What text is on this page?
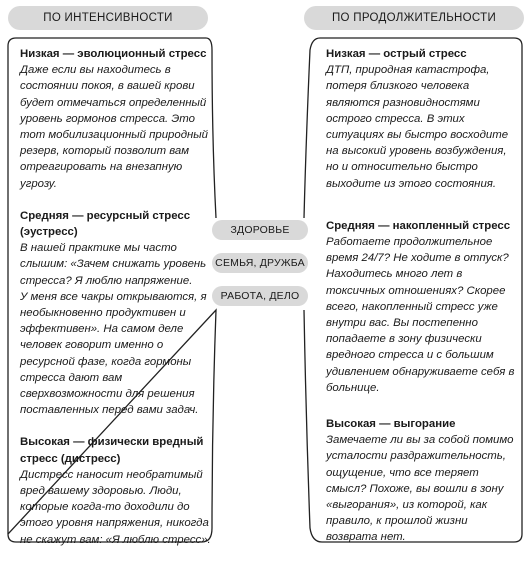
ПО ИНТЕНСИВНОСТИ	ПО ПРОДОЛЖИТЕЛЬНОСТИ
ЗДОРОВЬЕ
СЕМЬЯ, ДРУЖБА
РАБОТА, ДЕЛО
Низкая — эволюционный стресс

Даже если вы находитесь в состоянии покоя, в вашей крови будет отмечаться определенный уровень гормонов стресса. Это тот мобилизационный природный резерв, который позволит вам отреагировать на внезапную угрозу.

Средняя — ресурсный стресс (эустресс)

В нашей практике мы часто слышим: «Зачем снижать уровень стресса? Я люблю напряжение.

У меня все чакры открываются, я необыкновенно продуктивен и эффективен». На самом деле человек говорит именно о ресурсной фазе, когда гормоны стресса дают вам сверхвозможности для решения поставленных перед вами задач.

Высокая — физически вредный стресс (дистресс)

Дистресс наносит необратимый вред вашему здоровью. Люди, которые когда-то доходили до этого уровня напряжения, никогда не скажут вам: «Я люблю стресс».

Низкая — острый стресс

ДТП, природная катастрофа, потеря близкого человека являются разновидностями острого стресса. В этих ситуациях вы быстро восходите на высокий уровень возбуждения, но и относительно быстро выходите из этого состояния.

Средняя — накопленный стресс

Работаете продолжительное время 24/7? Не ходите в отпуск? Находитесь много лет в токсичных отношениях? Скорее всего, накопленный стресс уже внутри вас. Вы постепенно попадаете в зону физически вредного стресса и с большим удивлением обнаруживаете себя в больнице.

Высокая — выгорание

Замечаете ли вы за собой помимо усталости раздражительность, ощущение, что все теряет смысл? Похоже, вы вошли в зону «выгорания», из которой, как правило, к прошлой жизни возврата нет.
